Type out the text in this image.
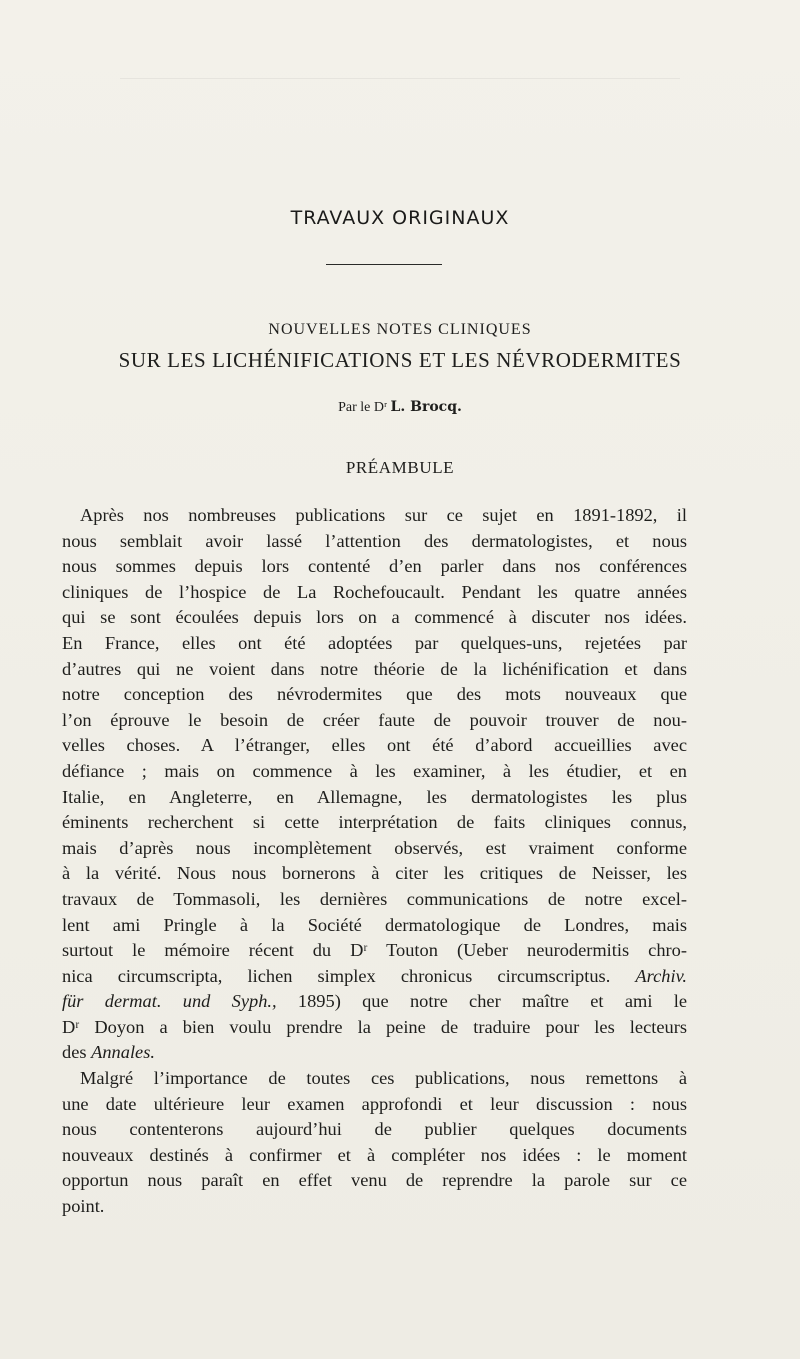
TRAVAUX ORIGINAUX
NOUVELLES NOTES CLINIQUES
SUR LES LICHÉNIFICATIONS ET LES NÉVRODERMITES
Par le Dʳ L. Brocq.
PRÉAMBULE

Après nos nombreuses publications sur ce sujet en 1891-1892, il
nous semblait avoir lassé l’attention des dermatologistes, et nous
nous sommes depuis lors contenté d’en parler dans nos conférences
cliniques de l’hospice de La Rochefoucault. Pendant les quatre années
qui se sont écoulées depuis lors on a commencé à discuter nos idées.
En France, elles ont été adoptées par quelques-uns, rejetées par
d’autres qui ne voient dans notre théorie de la lichénification et dans
notre conception des névrodermites que des mots nouveaux que
l’on éprouve le besoin de créer faute de pouvoir trouver de nou-
velles choses. A l’étranger, elles ont été d’abord accueillies avec
défiance ; mais on commence à les examiner, à les étudier, et en
Italie, en Angleterre, en Allemagne, les dermatologistes les plus
éminents recherchent si cette interprétation de faits cliniques connus,
mais d’après nous incomplètement observés, est vraiment conforme
à la vérité. Nous nous bornerons à citer les critiques de Neisser, les
travaux de Tommasoli, les dernières communications de notre excel-
lent ami Pringle à la Société dermatologique de Londres, mais
surtout le mémoire récent du Dʳ Touton (Ueber neurodermitis chro-
nica circumscripta, lichen simplex chronicus circumscriptus. Archiv.
für dermat. und Syph., 1895) que notre cher maître et ami le
Dʳ Doyon a bien voulu prendre la peine de traduire pour les lecteurs
des Annales.

Malgré l’importance de toutes ces publications, nous remettons à
une date ultérieure leur examen approfondi et leur discussion : nous
nous contenterons aujourd’hui de publier quelques documents
nouveaux destinés à confirmer et à compléter nos idées : le moment
opportun nous paraît en effet venu de reprendre la parole sur ce
point.
